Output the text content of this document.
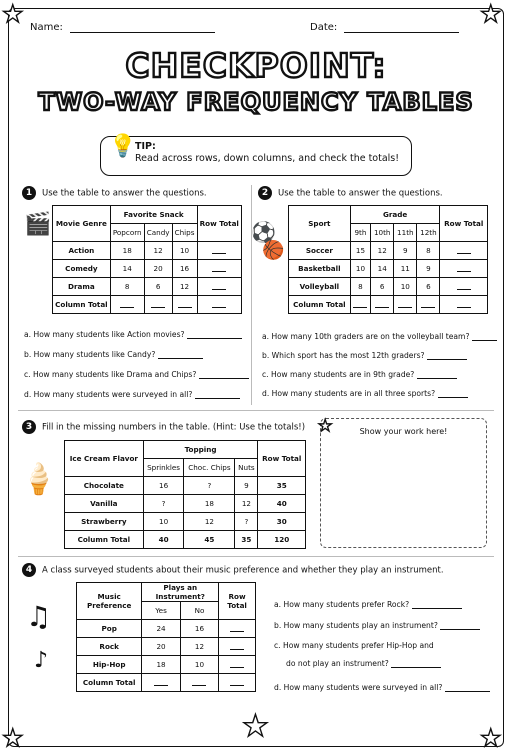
★	★
★	★
★
Name:	Date:
CHECKPOINT:
TWO-WAY FREQUENCY TABLES
💡
TIP:
Read across rows, down columns, and check the totals!
1 Use the table to answer the questions.
🎬 Movie Genre	Favorite Snack			Row Total
	Popcorn	Candy	Chips	
Action	18	12	10	
Comedy	14	20	16	
Drama	8	6	12	
Column Total				
a. How many students like Action movies?
b. How many students like Candy?
c. How many students like Drama and Chips?
d. How many students were surveyed in all?
2 Use the table to answer the questions.
⚽
🏀
Sport	Grade				Row Total
	9th	10th	11th	12th	
Soccer	15	12	9	8	
Basketball	10	14	11	9	
Volleyball	8	6	10	6	
Column Total					
a. How many 10th graders are on the volleyball team?
b. Which sport has the most 12th graders?
c. How many students are in 9th grade?
d. How many students are in all three sports?
3 Fill in the missing numbers in the table. (Hint: Use the totals!)
🍦
Ice Cream Flavor	Topping			Row Total
	Sprinkles	Choc. Chips	Nuts	
Chocolate	16	?	9	35
Vanilla	?	18	12	40
Strawberry	10	12	?	30
Column Total	40	45	35	120
Show your work here!
★
4 A class surveyed students about their music preference and whether they play an instrument.
♫
♪
Music Preference	Plays an Instrument?		Row Total
	Yes	No	
Pop	24	16	
Rock	20	12	
Hip-Hop	18	10	
Column Total			
a. How many students prefer Rock?
b. How many students play an instrument?
c. How many students prefer Hip-Hop and
do not play an instrument?
d. How many students were surveyed in all?
